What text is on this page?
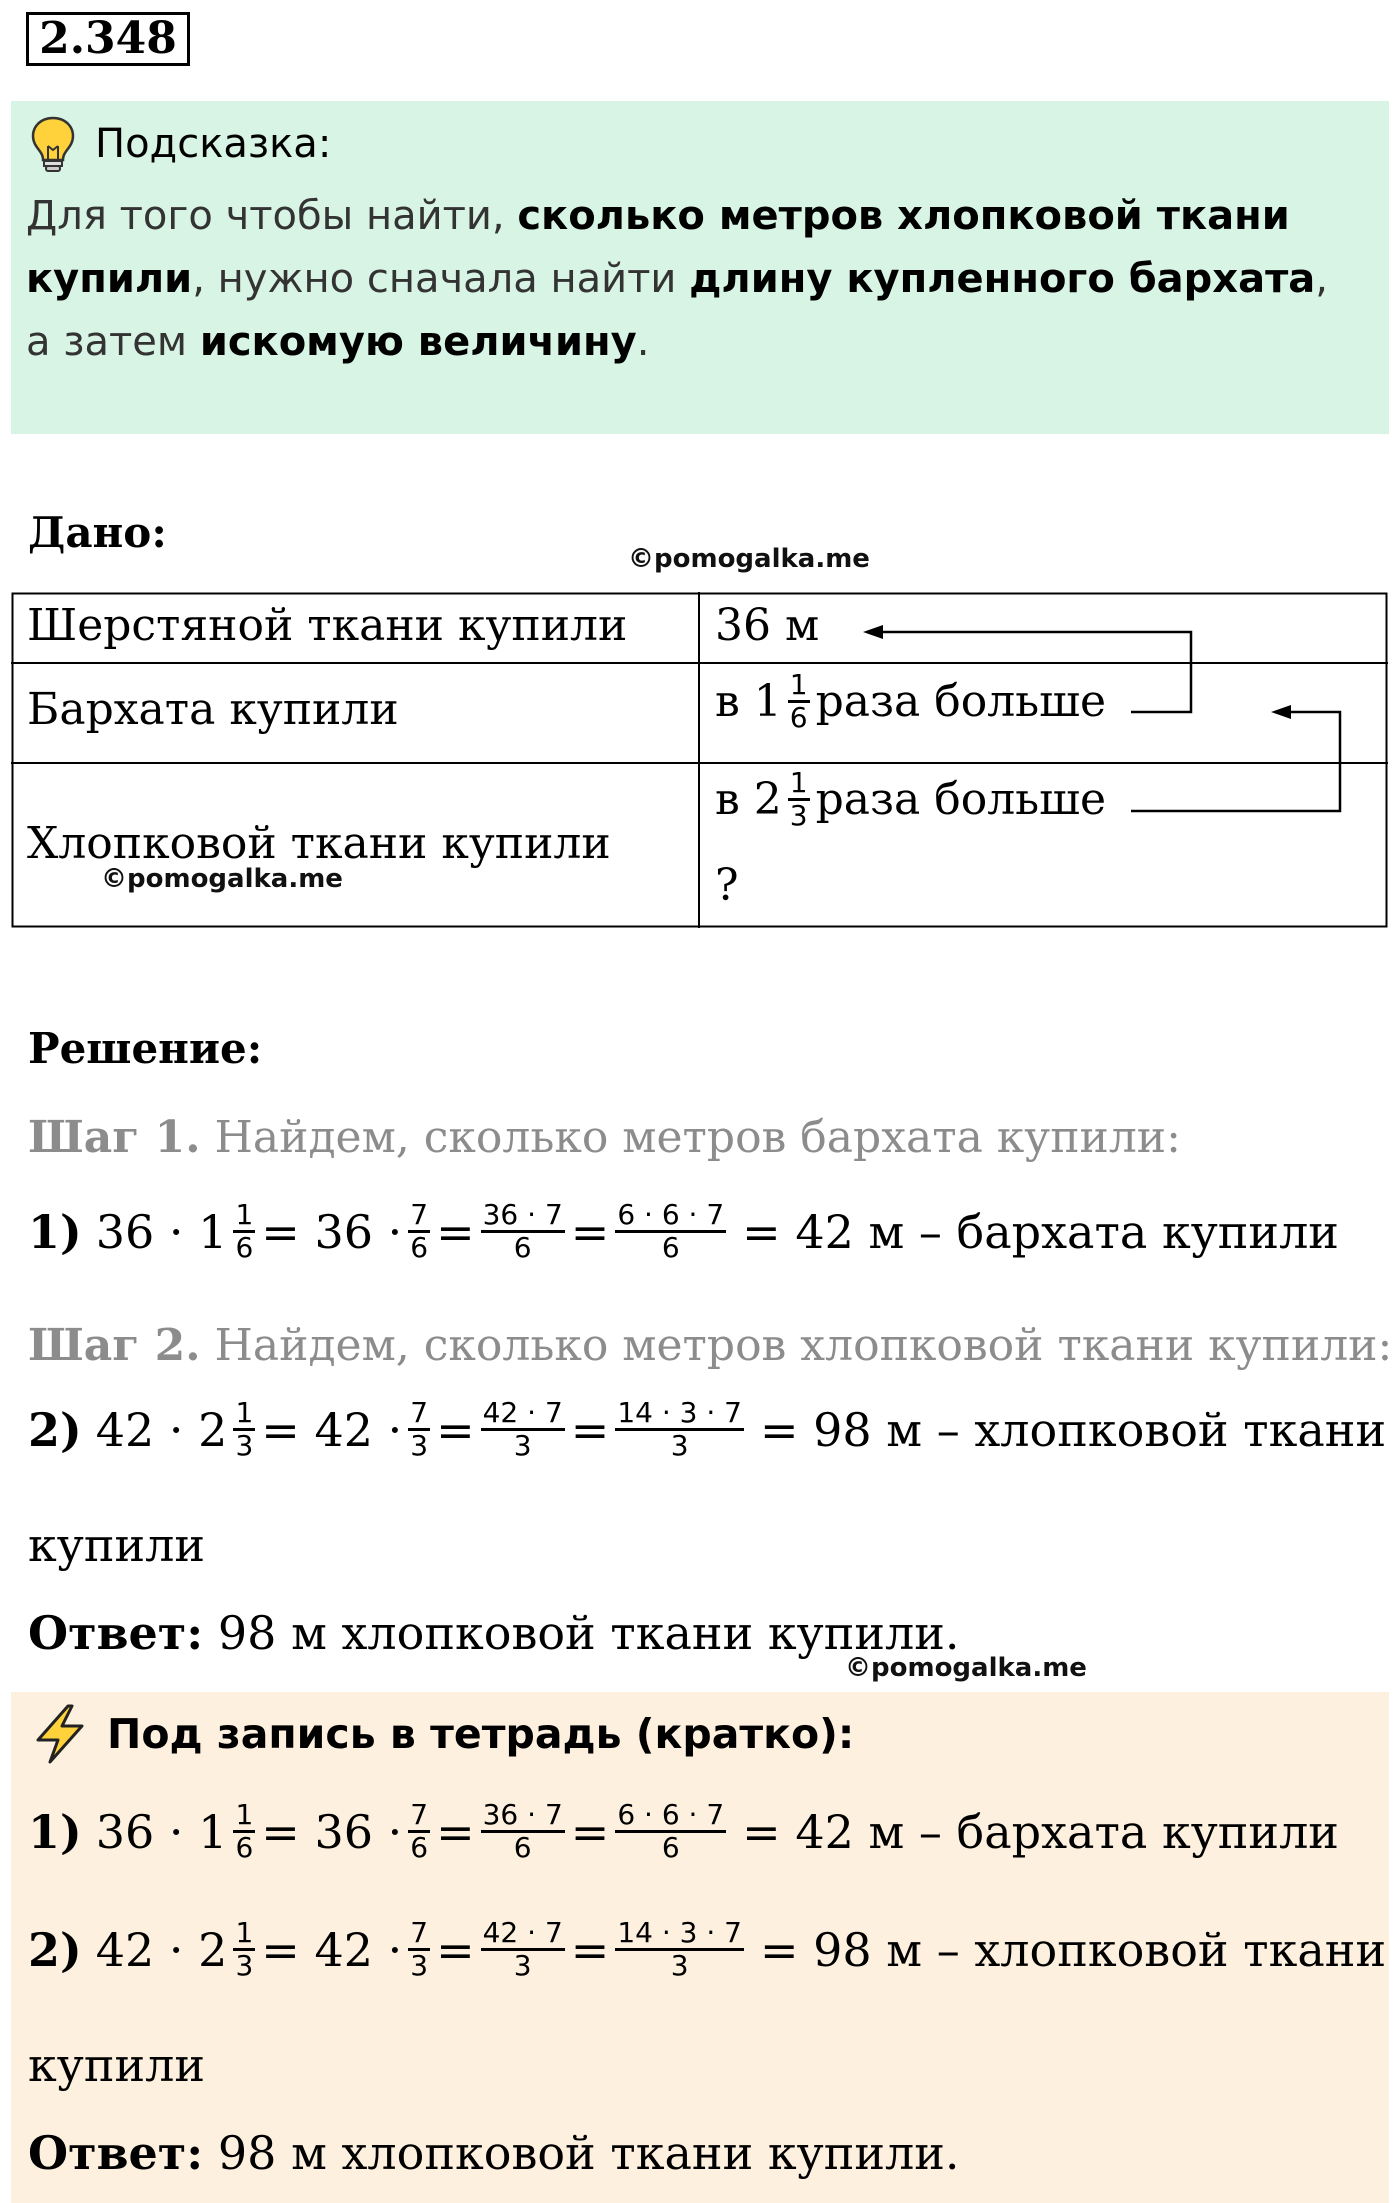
2.348
Подсказка:
Для того чтобы найти, сколько метров хлопковой ткани купили, нужно сначала найти длину купленного бархата, а затем искомую величину.
Дано:
©pomogalka.me
Шерстяной ткани купили 36 м
Бархата купили	в $1 \frac{1}{6}$ раза больше
Хлопковой ткани купили
©pomogalka.me
в $2 \frac{1}{3}$ раза больше
?
Решение:
Шаг 1. Найдем, сколько метров бархата купили:
1) $36 \cdot 1 \frac{1}{6} = 36 \cdot \frac{7}{6} = \frac{36 \cdot 7}{6} = \frac{6 \cdot 6 \cdot 7}{6} = 42$ м – бархата купили
Шаг 2. Найдем, сколько метров хлопковой ткани купили:
2) $42 \cdot 2 \frac{1}{3} = 42 \cdot \frac{7}{3} = \frac{42 \cdot 7}{3} = \frac{14 \cdot 3 \cdot 7}{3} = 98$ м – хлопковой ткани
купили
Ответ: 98 м хлопковой ткани купили.
©pomogalka.me
Под запись в тетрадь (кратко):
1) $36 \cdot 1 \frac{1}{6} = 36 \cdot \frac{7}{6} = \frac{36 \cdot 7}{6} = \frac{6 \cdot 6 \cdot 7}{6} = 42$ м – бархата купили
2) $42 \cdot 2 \frac{1}{3} = 42 \cdot \frac{7}{3} = \frac{42 \cdot 7}{3} = \frac{14 \cdot 3 \cdot 7}{3} = 98$ м – хлопковой ткани
купили
Ответ: 98 м хлопковой ткани купили.
